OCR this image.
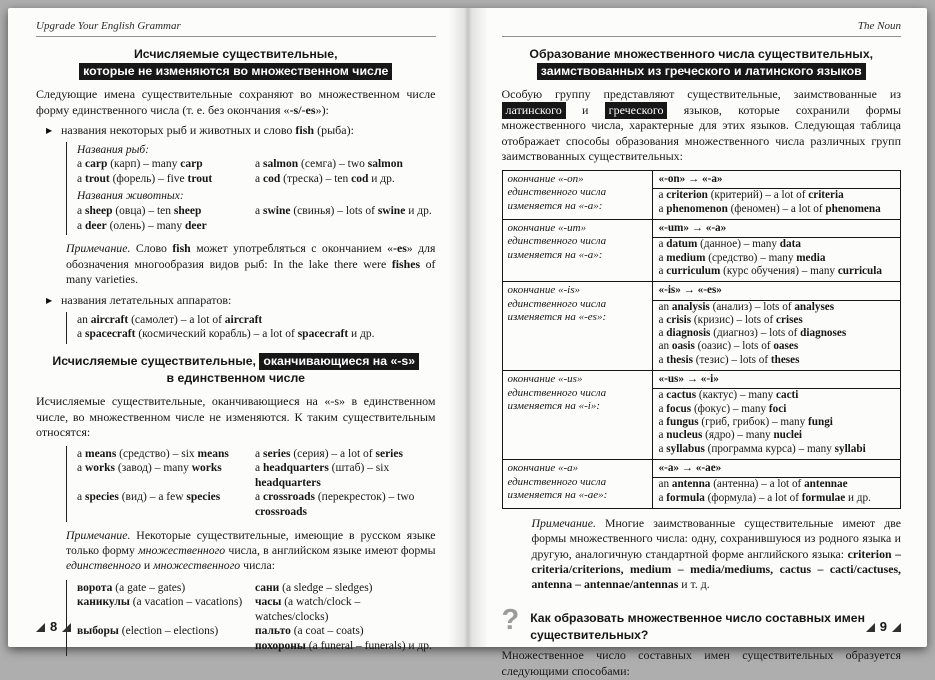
Upgrade Your English Grammar
Исчисляемые существительные,
которые не изменяются во множественном числе

Следующие имена существительные сохраняют во множественном числе форму единственного числа (т. е. без окончания «-s/-es»):

▶ названия некоторых рыб и животных и слово fish (рыба):
Названия рыб:
a carp (карп) – many carp	a salmon (семга) – two salmon
a trout (форель) – five trout	a cod (треска) – ten cod и др.
Названия животных:
a sheep (овца) – ten sheep	a swine (свинья) – lots of swine и др.
a deer (олень) – many deer

Примечание. Слово fish может употребляться с окончанием «-es» для обозначения многообразия видов рыб: In the lake there were fishes of many varieties.

▶ названия летательных аппаратов:
an aircraft (самолет) – a lot of aircraft
a spacecraft (космический корабль) – a lot of spacecraft и др.
Исчисляемые существительные, оканчивающиеся на «-s»
в единственном числе

Исчисляемые существительные, оканчивающиеся на «-s» в единственном числе, во множественном числе не изменяются. К таким существительным относятся:

a means (средство) – six means	a series (серия) – a lot of series
a works (завод) – many works	a headquarters (штаб) – six headquarters
a species (вид) – a few species	a crossroads (перекресток) – two crossroads

Примечание. Некоторые существительные, имеющие в русском языке только форму множественного числа, в английском языке имеют формы единственного и множественного числа:

ворота (a gate – gates)	сани (a sledge – sledges)
каникулы (a vacation – vacations)	часы (a watch/clock – watches/clocks)
выборы (election – elections)	пальто (a coat – coats)
похороны (a funeral – funerals) и др.
8
The Noun
Образование множественного числа существительных,
заимствованных из греческого и латинского языков

Особую группу представляют существительные, заимствованные из латинского и греческого языков, которые сохранили формы множественного числа, характерные для этих языков. Следующая таблица отображает способы образования множественного числа различных групп заимствованных существительных:

окончание «-on» единственного числа изменяется на «-a»:	«-on» → «-a»
a criterion (критерий) – a lot of criteria
a phenomenon (феномен) – a lot of phenomena

окончание «-um» единственного числа изменяется на «-a»:	«-um» → «-a»
a datum (данное) – many data
a medium (средство) – many media
a curriculum (курс обучения) – many curricula

окончание «-is» единственного числа изменяется на «-es»:	
«-is» → «-es»
an analysis (анализ) – lots of analyses
a crisis (кризис) – lots of crises
a diagnosis (диагноз) – lots of diagnoses
an oasis (оазис) – lots of oases
a thesis (тезис) – lots of theses

окончание «-us» единственного числа изменяется на «-i»:	
«-us» → «-i»
a cactus (кактус) – many cacti
a focus (фокус) – many foci
a fungus (гриб, грибок) – many fungi
a nucleus (ядро) – many nuclei
a syllabus (программа курса) – many syllabi

окончание «-a» единственного числа изменяется на «-ae»:	«-a» → «-ae»
an antenna (антенна) – a lot of antennae
a formula (формула) – a lot of formulae и др.

Примечание. Многие заимствованные существительные имеют две формы множественного числа: одну, сохранившуюся из родного языка и другую, аналогичную стандартной форме английского языка: criterion – criteria/criterions, medium – media/mediums, cactus – cacti/cactuses, antenna – antennae/antennas и т. д.

? Как образовать множественное число составных имен существительных?

Множественное число составных имен существительных образуется следующими способами:

9
